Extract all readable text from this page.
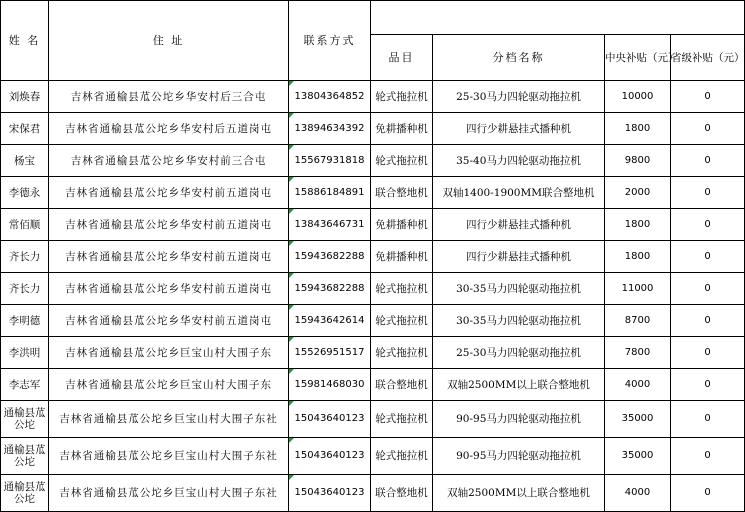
姓 名	住 址	联系方式				
			品目	分档名称	中央补贴（元）	省级补贴（元）
刘焕春	吉林省通榆县苽公坨乡华安村后三合屯	13804364852	轮式拖拉机	25-30马力四轮驱动拖拉机	10000	0
宋保君	吉林省通榆县苽公坨乡华安村后五道岗屯	13894634392	免耕播种机	四行少耕悬挂式播种机	1800	0
杨宝	吉林省通榆县苽公坨乡华安村前三合屯	15567931818	轮式拖拉机	35-40马力四轮驱动拖拉机	9800	0
李德永	吉林省通榆县苽公坨乡华安村前五道岗屯	15886184891	联合整地机	双轴1400-1900MM联合整地机	2000	0
常佰顺	吉林省通榆县苽公坨乡华安村前五道岗屯	13843646731	免耕播种机	四行少耕悬挂式播种机	1800	0
齐长力	吉林省通榆县苽公坨乡华安村前五道岗屯	15943682288	免耕播种机	四行少耕悬挂式播种机	1800	0
齐长力	吉林省通榆县苽公坨乡华安村前五道岗屯	15943682288	轮式拖拉机	30-35马力四轮驱动拖拉机	11000	0
李明德	吉林省通榆县苽公坨乡华安村前五道岗屯	15943642614	轮式拖拉机	30-35马力四轮驱动拖拉机	8700	0
李洪明	吉林省通榆县苽公坨乡巨宝山村大围子东	15526951517	轮式拖拉机	25-30马力四轮驱动拖拉机	7800	0
李志军	吉林省通榆县苽公坨乡巨宝山村大围子东	15981468030	联合整地机	双轴2500MM以上联合整地机	4000	0
通榆县苽公坨	吉林省通榆县苽公坨乡巨宝山村大围子东社	15043640123	轮式拖拉机	90-95马力四轮驱动拖拉机	35000	0
通榆县苽公坨	吉林省通榆县苽公坨乡巨宝山村大围子东社	15043640123	轮式拖拉机	90-95马力四轮驱动拖拉机	35000	0
通榆县苽公坨	吉林省通榆县苽公坨乡巨宝山村大围子东社	15043640123	联合整地机	双轴2500MM以上联合整地机	4000	0
